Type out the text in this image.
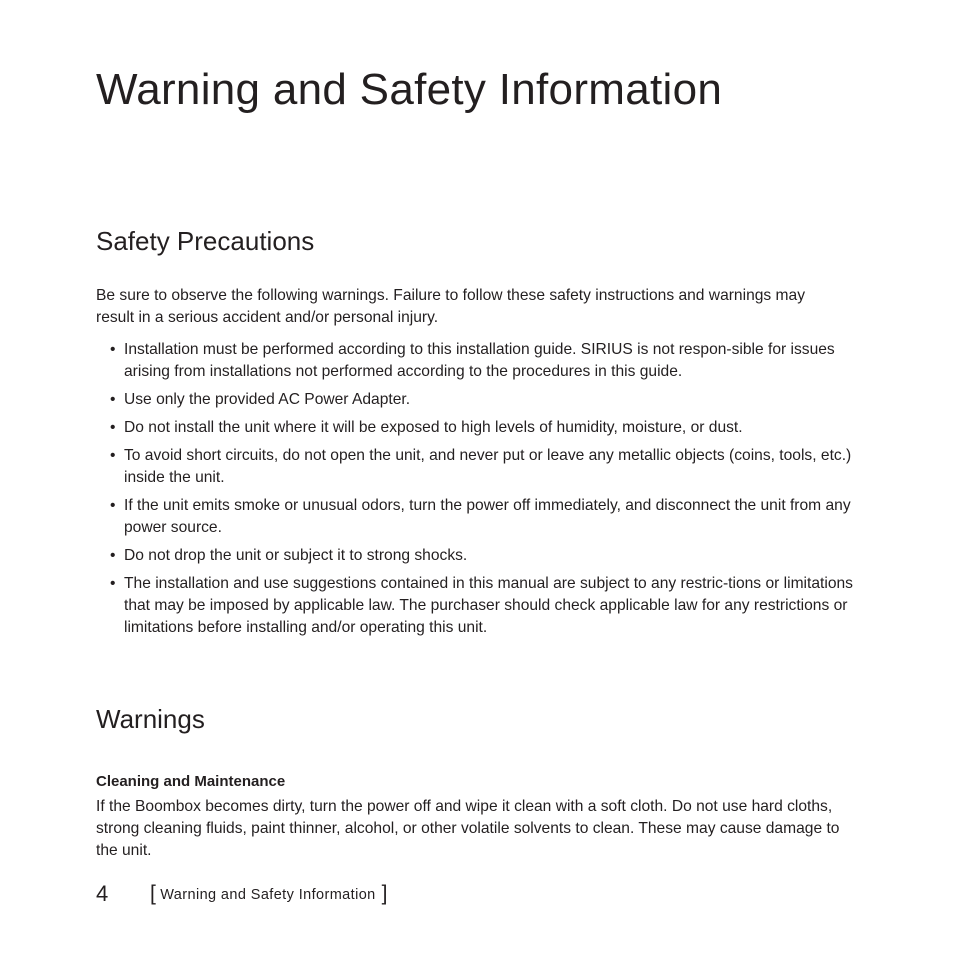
Warning and Safety Information
Safety Precautions

Be sure to observe the following warnings. Failure to follow these safety instructions and warnings may result in a serious accident and/or personal injury.

• Installation must be performed according to this installation guide. SIRIUS is not respon-sible for issues arising from installations not performed according to the procedures in this guide.
• Use only the provided AC Power Adapter.
• Do not install the unit where it will be exposed to high levels of humidity, moisture, or dust.
• To avoid short circuits, do not open the unit, and never put or leave any metallic objects (coins, tools, etc.) inside the unit.
• If the unit emits smoke or unusual odors, turn the power off immediately, and disconnect the unit from any power source.
• Do not drop the unit or subject it to strong shocks.
• The installation and use suggestions contained in this manual are subject to any restric-tions or limitations that may be imposed by applicable law. The purchaser should check applicable law for any restrictions or limitations before installing and/or operating this unit.
Warnings
Cleaning and Maintenance

If the Boombox becomes dirty, turn the power off and wipe it clean with a soft cloth. Do not use hard cloths, strong cleaning fluids, paint thinner, alcohol, or other volatile solvents to clean. These may cause damage to the unit.

4 [ Warning and Safety Information ]
